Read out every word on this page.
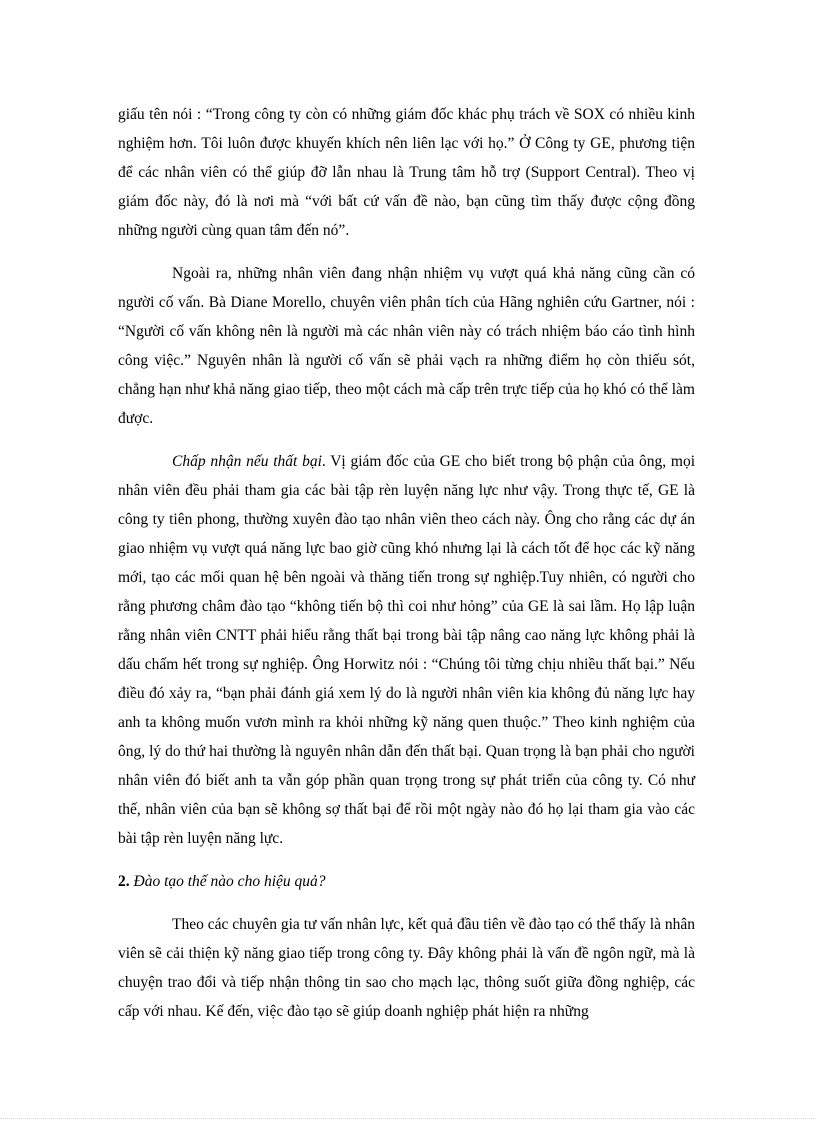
giấu tên nói : “Trong công ty còn có những giám đốc khác phụ trách về SOX có nhiều kinh nghiệm hơn. Tôi luôn được khuyến khích nên liên lạc với họ.” Ở Công ty GE, phương tiện để các nhân viên có thể giúp đỡ lẫn nhau là Trung tâm hỗ trợ (Support Central). Theo vị giám đốc này, đó là nơi mà “với bất cứ vấn đề nào, bạn cũng tìm thấy được cộng đồng những người cùng quan tâm đến nó”.

Ngoài ra, những nhân viên đang nhận nhiệm vụ vượt quá khả năng cũng cần có người cố vấn. Bà Diane Morello, chuyên viên phân tích của Hãng nghiên cứu Gartner, nói : “Người cố vấn không nên là người mà các nhân viên này có trách nhiệm báo cáo tình hình công việc.” Nguyên nhân là người cố vấn sẽ phải vạch ra những điểm họ còn thiếu sót, chẳng hạn như khả năng giao tiếp, theo một cách mà cấp trên trực tiếp của họ khó có thể làm được.

Chấp nhận nếu thất bại. Vị giám đốc của GE cho biết trong bộ phận của ông, mọi nhân viên đều phải tham gia các bài tập rèn luyện năng lực như vậy. Trong thực tế, GE là công ty tiên phong, thường xuyên đào tạo nhân viên theo cách này. Ông cho rằng các dự án giao nhiệm vụ vượt quá năng lực bao giờ cũng khó nhưng lại là cách tốt để học các kỹ năng mới, tạo các mối quan hệ bên ngoài và thăng tiến trong sự nghiệp.Tuy nhiên, có người cho rằng phương châm đào tạo “không tiến bộ thì coi như hỏng” của GE là sai lầm. Họ lập luận rằng nhân viên CNTT phải hiểu rằng thất bại trong bài tập nâng cao năng lực không phải là dấu chấm hết trong sự nghiệp. Ông Horwitz nói : “Chúng tôi từng chịu nhiều thất bại.” Nếu điều đó xảy ra, “bạn phải đánh giá xem lý do là người nhân viên kia không đủ năng lực hay anh ta không muốn vươn mình ra khỏi những kỹ năng quen thuộc.” Theo kinh nghiệm của ông, lý do thứ hai thường là nguyên nhân dẫn đến thất bại. Quan trọng là bạn phải cho người nhân viên đó biết anh ta vẫn góp phần quan trọng trong sự phát triển của công ty. Có như thế, nhân viên của bạn sẽ không sợ thất bại để rồi một ngày nào đó họ lại tham gia vào các bài tập rèn luyện năng lực.

2. Đào tạo thế nào cho hiệu quả?

Theo các chuyên gia tư vấn nhân lực, kết quả đầu tiên về đào tạo có thể thấy là nhân viên sẽ cải thiện kỹ năng giao tiếp trong công ty. Đây không phải là vấn đề ngôn ngữ, mà là chuyện trao đổi và tiếp nhận thông tin sao cho mạch lạc, thông suốt giữa đồng nghiệp, các cấp với nhau. Kế đến, việc đào tạo sẽ giúp doanh nghiệp phát hiện ra những
